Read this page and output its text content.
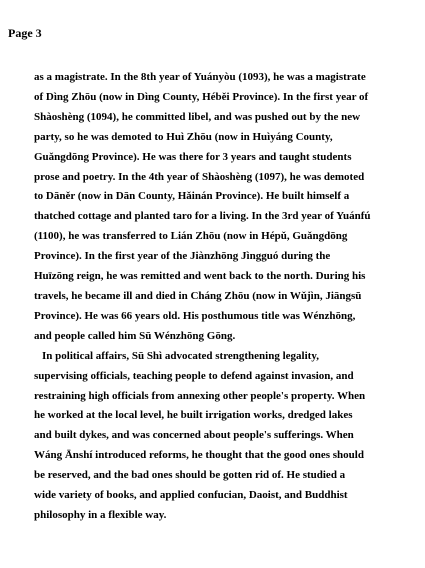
Page 3
as a magistrate. In the 8th year of Yuányòu (1093), he was a magistrate
of Dìng Zhōu (now in Dìng County, Héběi Province). In the first year of
Shàoshèng (1094), he committed libel, and was pushed out by the new
party, so he was demoted to Huì Zhōu (now in Huìyáng County,
Guǎngdōng Province). He was there for 3 years and taught students
prose and poetry. In the 4th year of Shàoshèng (1097), he was demoted
to Dāněr (now in Dān County, Hǎinán Province). He built himself a
thatched cottage and planted taro for a living. In the 3rd year of Yuánfú
(1100), he was transferred to Lián Zhōu (now in Hépǔ, Guǎngdōng
Province). In the first year of the Jiànzhōng Jìngguó during the
Huīzōng reign, he was remitted and went back to the north. During his
travels, he became ill and died in Cháng Zhōu (now in Wǔjìn, Jiāngsū
Province). He was 66 years old. His posthumous title was Wénzhōng,
and people called him Sū Wénzhōng Gōng.
In political affairs, Sū Shì advocated strengthening legality,
supervising officials, teaching people to defend against invasion, and
restraining high officials from annexing other people's property. When
he worked at the local level, he built irrigation works, dredged lakes
and built dykes, and was concerned about people's sufferings. When
Wáng Ānshí introduced reforms, he thought that the good ones should
be reserved, and the bad ones should be gotten rid of. He studied a
wide variety of books, and applied confucian, Daoist, and Buddhist
philosophy in a flexible way.
